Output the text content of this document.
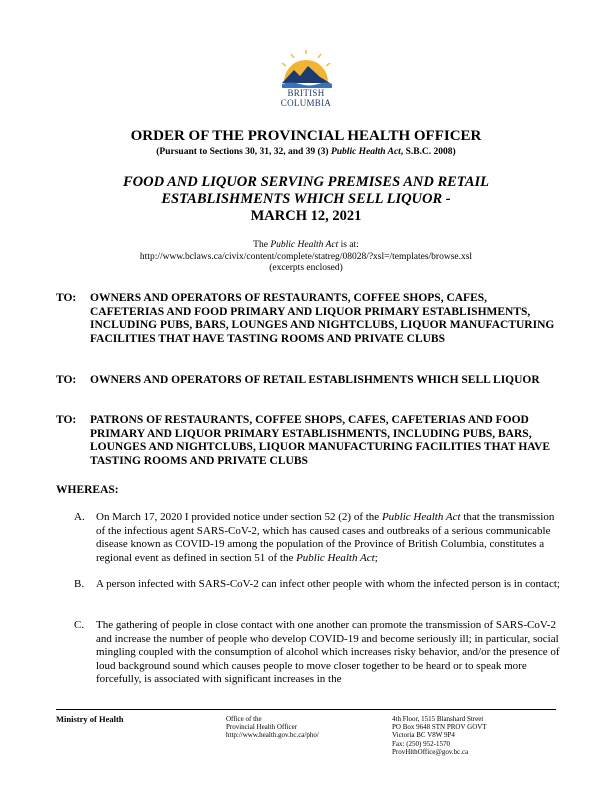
BRITISH
COLUMBIA
ORDER OF THE PROVINCIAL HEALTH OFFICER
(Pursuant to Sections 30, 31, 32, and 39 (3) Public Health Act, S.B.C. 2008)
FOOD AND LIQUOR SERVING PREMISES AND RETAIL
ESTABLISHMENTS WHICH SELL LIQUOR -
MARCH 12, 2021
The Public Health Act is at:
http://www.bclaws.ca/civix/content/complete/statreg/08028/?xsl=/templates/browse.xsl
(excerpts enclosed)
TO: OWNERS AND OPERATORS OF RESTAURANTS, COFFEE SHOPS, CAFES, CAFETERIAS AND FOOD PRIMARY AND LIQUOR PRIMARY ESTABLISHMENTS, INCLUDING PUBS, BARS, LOUNGES AND NIGHTCLUBS, LIQUOR MANUFACTURING FACILITIES THAT HAVE TASTING ROOMS AND PRIVATE CLUBS
TO: OWNERS AND OPERATORS OF RETAIL ESTABLISHMENTS WHICH SELL LIQUOR
TO: PATRONS OF RESTAURANTS, COFFEE SHOPS, CAFES, CAFETERIAS AND FOOD PRIMARY AND LIQUOR PRIMARY ESTABLISHMENTS, INCLUDING PUBS, BARS, LOUNGES AND NIGHTCLUBS, LIQUOR MANUFACTURING FACILITIES THAT HAVE TASTING ROOMS AND PRIVATE CLUBS
WHEREAS:
A. On March 17, 2020 I provided notice under section 52 (2) of the Public Health Act that the transmission of the infectious agent SARS-CoV-2, which has caused cases and outbreaks of a serious communicable disease known as COVID-19 among the population of the Province of British Columbia, constitutes a regional event as defined in section 51 of the Public Health Act;
B. A person infected with SARS-CoV-2 can infect other people with whom the infected person is in contact;
C. The gathering of people in close contact with one another can promote the transmission of SARS-CoV-2 and increase the number of people who develop COVID-19 and become seriously ill; in particular, social mingling coupled with the consumption of alcohol which increases risky behavior, and/or the presence of loud background sound which causes people to move closer together to be heard or to speak more forcefully, is associated with significant increases in the
Ministry of Health	Office of the
Provincial Health Officer
http://www.health.gov.bc.ca/pho/
4th Floor, 1515 Blanshard Street
PO Box 9648 STN PROV GOVT
Victoria BC V8W 9P4
Fax: (250) 952-1570
ProvHlthOffice@gov.bc.ca
